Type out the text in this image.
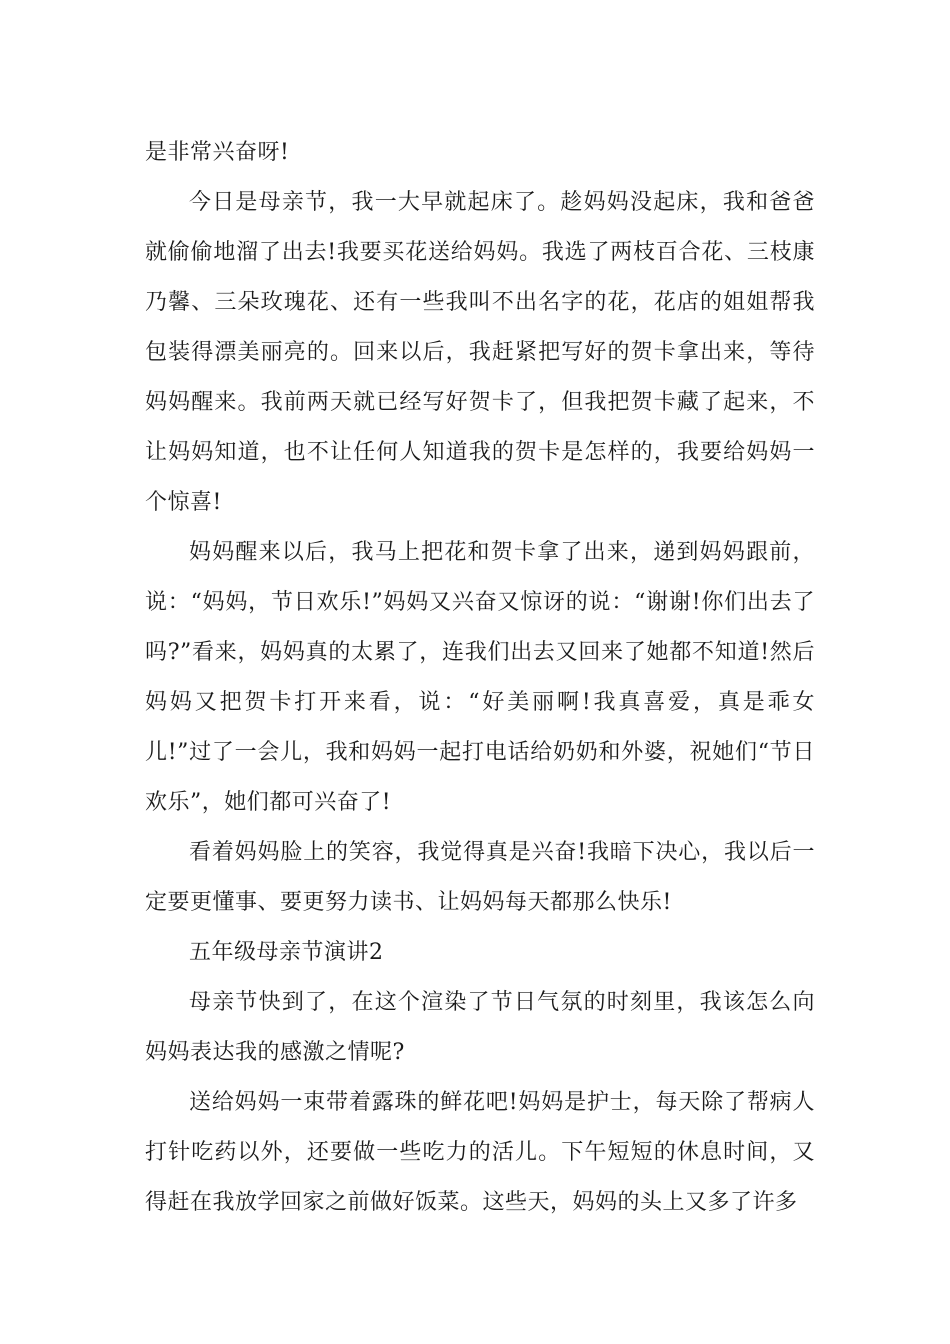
是非常兴奋呀!

今日是母亲节，我一大早就起床了。趁妈妈没起床，我和爸爸就偷偷地溜了出去!我要买花送给妈妈。我选了两枝百合花、三枝康乃馨、三朵玫瑰花、还有一些我叫不出名字的花，花店的姐姐帮我包装得漂美丽亮的。回来以后，我赶紧把写好的贺卡拿出来，等待妈妈醒来。我前两天就已经写好贺卡了，但我把贺卡藏了起来，不让妈妈知道，也不让任何人知道我的贺卡是怎样的，我要给妈妈一个惊喜!

妈妈醒来以后，我马上把花和贺卡拿了出来，递到妈妈跟前，说：“妈妈，节日欢乐!”妈妈又兴奋又惊讶的说：“谢谢!你们出去了吗?”看来，妈妈真的太累了，连我们出去又回来了她都不知道!然后妈妈又把贺卡打开来看，说：“好美丽啊!我真喜爱，真是乖女儿!”过了一会儿，我和妈妈一起打电话给奶奶和外婆，祝她们“节日欢乐”，她们都可兴奋了!

看着妈妈脸上的笑容，我觉得真是兴奋!我暗下决心，我以后一定要更懂事、要更努力读书、让妈妈每天都那么快乐!

五年级母亲节演讲2

母亲节快到了，在这个渲染了节日气氛的时刻里，我该怎么向妈妈表达我的感激之情呢?

送给妈妈一束带着露珠的鲜花吧!妈妈是护士，每天除了帮病人打针吃药以外，还要做一些吃力的活儿。下午短短的休息时间，又得赶在我放学回家之前做好饭菜。这些天，妈妈的头上又多了许多
